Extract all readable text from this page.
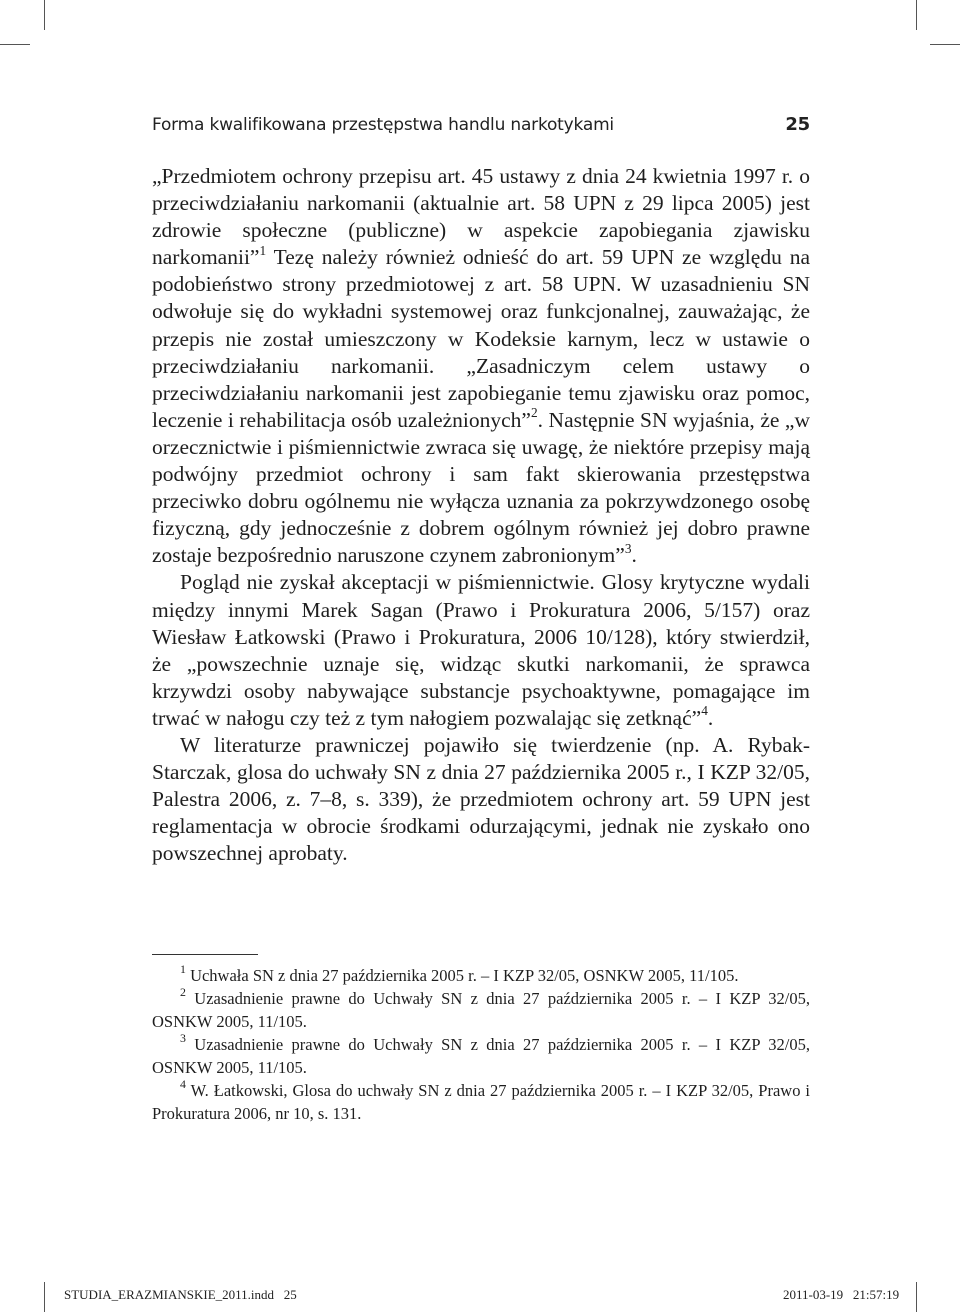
Forma kwalifikowana przestępstwa handlu narkotykami	25

„Przedmiotem ochrony przepisu art. 45 ustawy z dnia 24 kwietnia 1997 r. o przeciwdziałaniu narkomanii (aktualnie art. 58 UPN z 29 lipca 2005) jest zdrowie społeczne (publiczne) w aspekcie zapobiegania zjawisku narkomanii”$^1$ Tezę należy również odnieść do art. 59 UPN ze względu na podobieństwo strony przedmiotowej z art. 58 UPN. W uzasadnieniu SN odwołuje się do wykładni systemowej oraz funkcjonalnej, zauważając, że przepis nie został umieszczony w Kodeksie karnym, lecz w ustawie o przeciwdziałaniu narkomanii. „Zasadniczym celem ustawy o przeciwdziałaniu narkomanii jest zapobieganie temu zjawisku oraz pomoc, leczenie i rehabilitacja osób uzależnionych”$^2$. Następnie SN wyjaśnia, że „w orzecznictwie i piśmiennictwie zwraca się uwagę, że niektóre przepisy mają podwójny przedmiot ochrony i sam fakt skierowania przestępstwa przeciwko dobru ogólnemu nie wyłącza uznania za pokrzywdzonego osobę fizyczną, gdy jednocześnie z dobrem ogólnym również jej dobro prawne zostaje bezpośrednio naruszone czynem zabronionym”$^3$.

Pogląd nie zyskał akceptacji w piśmiennictwie. Glosy krytyczne wydali między innymi Marek Sagan (Prawo i Prokuratura 2006, 5/157) oraz Wiesław Łatkowski (Prawo i Prokuratura, 2006 10/128), który stwierdził, że „powszechnie uznaje się, widząc skutki narkomanii, że sprawca krzywdzi osoby nabywające substancje psychoaktywne, pomagające im trwać w nałogu czy też z tym nałogiem pozwalając się zetknąć”$^4$.

W literaturze prawniczej pojawiło się twierdzenie (np. A. Rybak-Starczak, glosa do uchwały SN z dnia 27 października 2005 r., I KZP 32/05, Palestra 2006, z. 7–8, s. 339), że przedmiotem ochrony art. 59 UPN jest reglamentacja w obrocie środkami odurzającymi, jednak nie zyskało ono powszechnej aprobaty.

$^1$ Uchwała SN z dnia 27 października 2005 r. – I KZP 32/05, OSNKW 2005, 11/105.

$^2$ Uzasadnienie prawne do Uchwały SN z dnia 27 października 2005 r. – I KZP 32/05, OSNKW 2005, 11/105.

$^3$ Uzasadnienie prawne do Uchwały SN z dnia 27 października 2005 r. – I KZP 32/05, OSNKW 2005, 11/105.

$^4$ W. Łatkowski, Glosa do uchwały SN z dnia 27 października 2005 r. – I KZP 32/05, Prawo i Prokuratura 2006, nr 10, s. 131.

STUDIA_ERAZMIANSKIE_2011.indd   25	2011-03-19   21:57:19
